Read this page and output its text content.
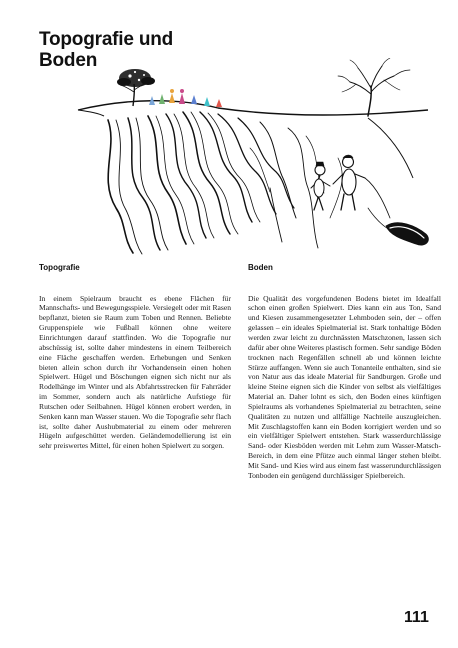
Topografie und
Boden
Topografie	Boden

In einem Spielraum braucht es ebene Flächen für Mannschafts- und Bewegungsspiele. Versiegelt oder mit Rasen bepflanzt, bieten sie Raum zum Toben und Rennen. Beliebte Gruppenspiele wie Fußball können ohne weitere Einrichtungen darauf stattfinden. Wo die Topografie nur abschüssig ist, sollte daher mindestens in einem Teilbereich eine Fläche geschaffen werden. Erhebungen und Senken bieten allein schon durch ihr Vorhandensein einen hohen Spielwert. Hügel und Böschungen eignen sich nicht nur als Rodelhänge im Winter und als Abfahrtsstrecken für Fahrräder im Sommer, sondern auch als natürliche Aufstiege für Rutschen oder Seilbahnen. Hügel können erobert werden, in Senken kann man Wasser stauen. Wo die Topografie sehr flach ist, sollte daher Aushubmaterial zu einem oder mehreren Hügeln aufgeschüttet werden. Geländemodellierung ist ein sehr preiswertes Mittel, für einen hohen Spielwert zu sorgen.

Die Qualität des vorgefundenen Bodens bietet im Idealfall schon einen großen Spielwert. Dies kann ein aus Ton, Sand und Kiesen zusammengesetzter Lehmboden sein, der – offen gelassen – ein ideales Spielmaterial ist. Stark tonhaltige Böden werden zwar leicht zu durchnässten Matschzonen, lassen sich dafür aber ohne Weiteres plastisch formen. Sehr sandige Böden trocknen nach Regenfällen schnell ab und können leichte Stürze auffangen. Wenn sie auch Tonanteile enthalten, sind sie von Natur aus das ideale Material für Sandburgen. Große und kleine Steine eignen sich die Kinder von selbst als vielfältiges Material an. Daher lohnt es sich, den Boden eines künftigen Spielraums als vorhandenes Spielmaterial zu betrachten, seine Qualitäten zu nutzen und allfällige Nachteile auszugleichen. Mit Zuschlagstoffen kann ein Boden korrigiert werden und so ein vielfältiger Spielwert entstehen. Stark wasserdurchlässige Sand- oder Kiesböden werden mit Lehm zum Wasser-Matsch-Bereich, in dem eine Pfütze auch einmal länger stehen bleibt. Mit Sand- und Kies wird aus einem fast wasserundurchlässigen Tonboden ein genügend durchlässiger Spielbereich.

111
